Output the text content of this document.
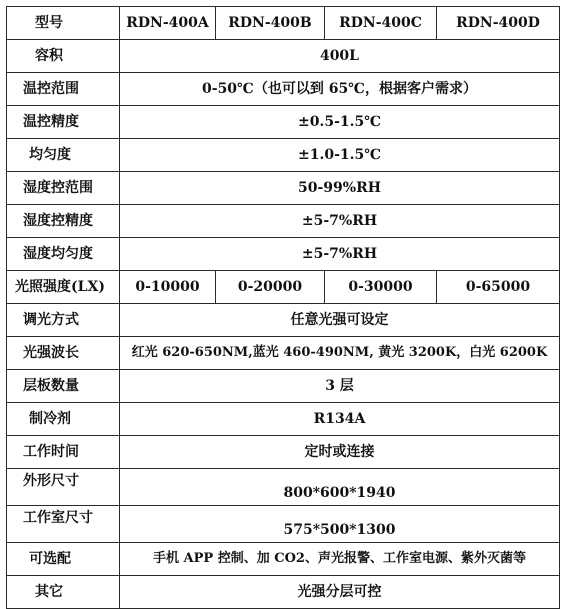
型号	RDN-400A	RDN-400B	RDN-400C	RDN-400D
容积	400L			
温控范围	0-50℃（也可以到 65℃，根据客户需求）			
温控精度	±0.5-1.5℃			
均匀度	±1.0-1.5℃			
湿度控范围	50-99%RH			
湿度控精度	±5-7%RH			
湿度均匀度	±5-7%RH			
光照强度(LX)	0-10000	0-20000	0-30000	0-65000
调光方式	任意光强可设定			
光强波长	红光 620-650NM,蓝光 460-490NM, 黄光 3200K，白光 6200K			
层板数量	3 层			
制冷剂	R134A			
工作时间	定时或连接			
外形尺寸	800*600*1940			
工作室尺寸	575*500*1300			
可选配	手机 APP 控制、加 CO2、声光报警、工作室电源、紫外灭菌等			
其它	光强分层可控			
